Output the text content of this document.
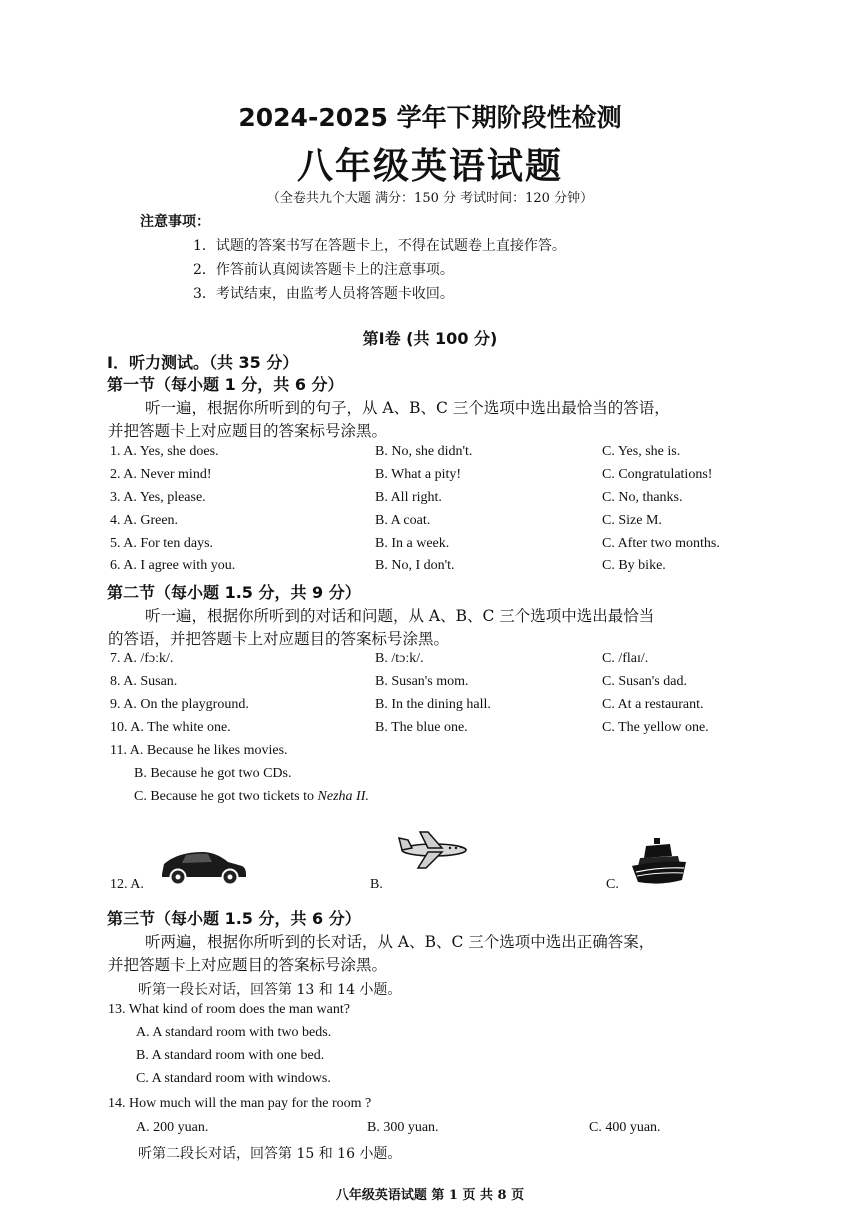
2024-2025 学年下期阶段性检测
八年级英语试题
（全卷共九个大题 满分：150 分 考试时间：120 分钟）
注意事项：
1．试题的答案书写在答题卡上，不得在试题卷上直接作答。
2．作答前认真阅读答题卡上的注意事项。
3．考试结束，由监考人员将答题卡收回。
第Ⅰ卷 (共 100 分)
Ⅰ．听力测试。（共 35 分）
第一节（每小题 1 分，共 6 分）
听一遍，根据你所听到的句子，从 A、B、C 三个选项中选出最恰当的答语，
并把答题卡上对应题目的答案标号涂黑。
1. A. Yes, she does.	B. No, she didn't.	C. Yes, she is.
2. A. Never mind!	B. What a pity!	C. Congratulations!
3. A. Yes, please.	B. All right.	C. No, thanks.
4. A. Green.	B. A coat.	C. Size M.
5. A. For ten days.	B. In a week.	C. After two months.
6. A. I agree with you.	B. No, I don't.	C. By bike.
第二节（每小题 1.5 分，共 9 分）
听一遍，根据你所听到的对话和问题，从 A、B、C 三个选项中选出最恰当
的答语，并把答题卡上对应题目的答案标号涂黑。
7. A. /fɔːk/.	B. /tɔːk/.	C. /flaɪ/.
8. A. Susan.	B. Susan's mom.	C. Susan's dad.
9. A. On the playground.	B. In the dining hall.	C. At a restaurant.
10. A. The white one.	B. The blue one.	C. The yellow one.
11. A. Because he likes movies.
B. Because he got two CDs.
C. Because he got two tickets to Nezha II.
12. A.	B.	C.
第三节（每小题 1.5 分，共 6 分）
听两遍，根据你所听到的长对话，从 A、B、C 三个选项中选出正确答案，
并把答题卡上对应题目的答案标号涂黑。
听第一段长对话，回答第 13 和 14 小题。
13. What kind of room does the man want?
A. A standard room with two beds.
B. A standard room with one bed.
C. A standard room with windows.
14. How much will the man pay for the room ?
A. 200 yuan.	B. 300 yuan.	C. 400 yuan.
听第二段长对话，回答第 15 和 16 小题。
八年级英语试题 第 1 页 共 8 页
